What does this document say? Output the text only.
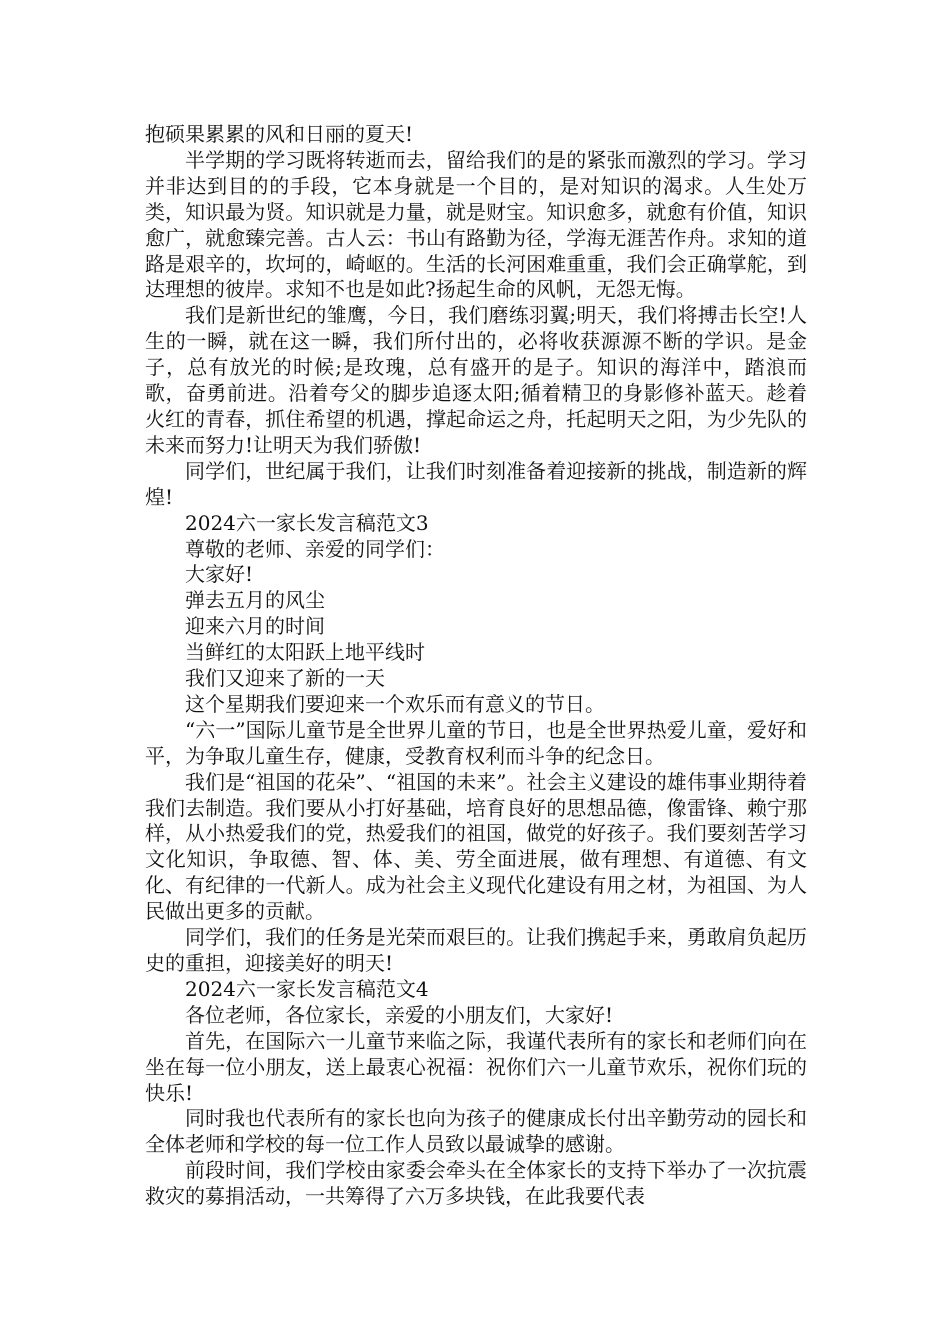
抱硕果累累的风和日丽的夏天!

半学期的学习既将转逝而去，留给我们的是的紧张而激烈的学习。学习并非达到目的的手段，它本身就是一个目的，是对知识的渴求。人生处万类，知识最为贤。知识就是力量，就是财宝。知识愈多，就愈有价值，知识愈广，就愈臻完善。古人云：书山有路勤为径，学海无涯苦作舟。求知的道路是艰辛的，坎坷的，崎岖的。生活的长河困难重重，我们会正确掌舵，到达理想的彼岸。求知不也是如此?扬起生命的风帆，无怨无悔。

我们是新世纪的雏鹰，今日，我们磨练羽翼;明天，我们将搏击长空!人生的一瞬，就在这一瞬，我们所付出的，必将收获源源不断的学识。是金子，总有放光的时候;是玫瑰，总有盛开的是子。知识的海洋中，踏浪而歌，奋勇前进。沿着夸父的脚步追逐太阳;循着精卫的身影修补蓝天。趁着火红的青春，抓住希望的机遇，撑起命运之舟，托起明天之阳，为少先队的未来而努力!让明天为我们骄傲!

同学们，世纪属于我们，让我们时刻准备着迎接新的挑战，制造新的辉煌!

2024六一家长发言稿范文3

尊敬的老师、亲爱的同学们：

大家好!

弹去五月的风尘

迎来六月的时间

当鲜红的太阳跃上地平线时

我们又迎来了新的一天

这个星期我们要迎来一个欢乐而有意义的节日。

“六一”国际儿童节是全世界儿童的节日，也是全世界热爱儿童，爱好和平，为争取儿童生存，健康，受教育权利而斗争的纪念日。

我们是“祖国的花朵”、“祖国的未来”。社会主义建设的雄伟事业期待着我们去制造。我们要从小打好基础，培育良好的思想品德，像雷锋、赖宁那样，从小热爱我们的党，热爱我们的祖国，做党的好孩子。我们要刻苦学习文化知识，争取德、智、体、美、劳全面进展，做有理想、有道德、有文化、有纪律的一代新人。成为社会主义现代化建设有用之材，为祖国、为人民做出更多的贡献。

同学们，我们的任务是光荣而艰巨的。让我们携起手来，勇敢肩负起历史的重担，迎接美好的明天!

2024六一家长发言稿范文4

各位老师，各位家长，亲爱的小朋友们，大家好!

首先，在国际六一儿童节来临之际，我谨代表所有的家长和老师们向在坐在每一位小朋友，送上最衷心祝福：祝你们六一儿童节欢乐，祝你们玩的快乐!

同时我也代表所有的家长也向为孩子的健康成长付出辛勤劳动的园长和全体老师和学校的每一位工作人员致以最诚挚的感谢。

前段时间，我们学校由家委会牵头在全体家长的支持下举办了一次抗震救灾的募捐活动，一共筹得了六万多块钱，在此我要代表
